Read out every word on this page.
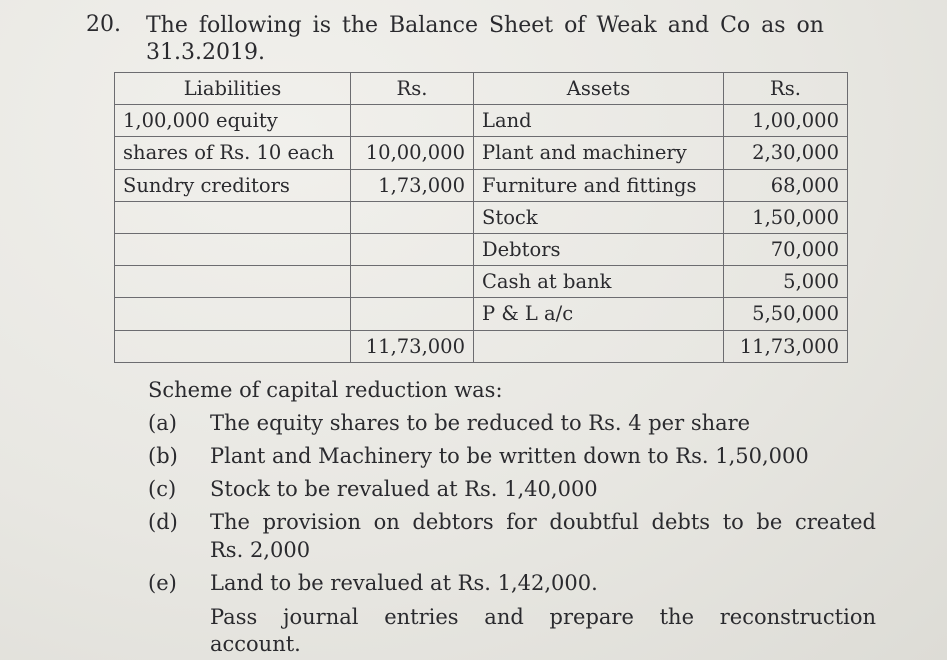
20. The following is the Balance Sheet of Weak and Co as on
31.3.2019.
Liabilities	Rs.	Assets	Rs.
1,00,000 equity		Land	1,00,000
shares of Rs. 10 each	10,00,000	Plant and machinery	2,30,000
Sundry creditors	1,73,000	Furniture and fittings	68,000
		Stock	1,50,000
		Debtors	70,000
		Cash at bank	5,000
		P & L a/c	5,50,000
	11,73,000		11,73,000
Scheme of capital reduction was:
(a) The equity shares to be reduced to Rs. 4 per share
(b) Plant and Machinery to be written down to Rs. 1,50,000
(c) Stock to be revalued at Rs. 1,40,000
(d) The provision on debtors for doubtful debts to be created
Rs. 2,000
(e) Land to be revalued at Rs. 1,42,000.
Pass journal entries and prepare the reconstruction
account.
